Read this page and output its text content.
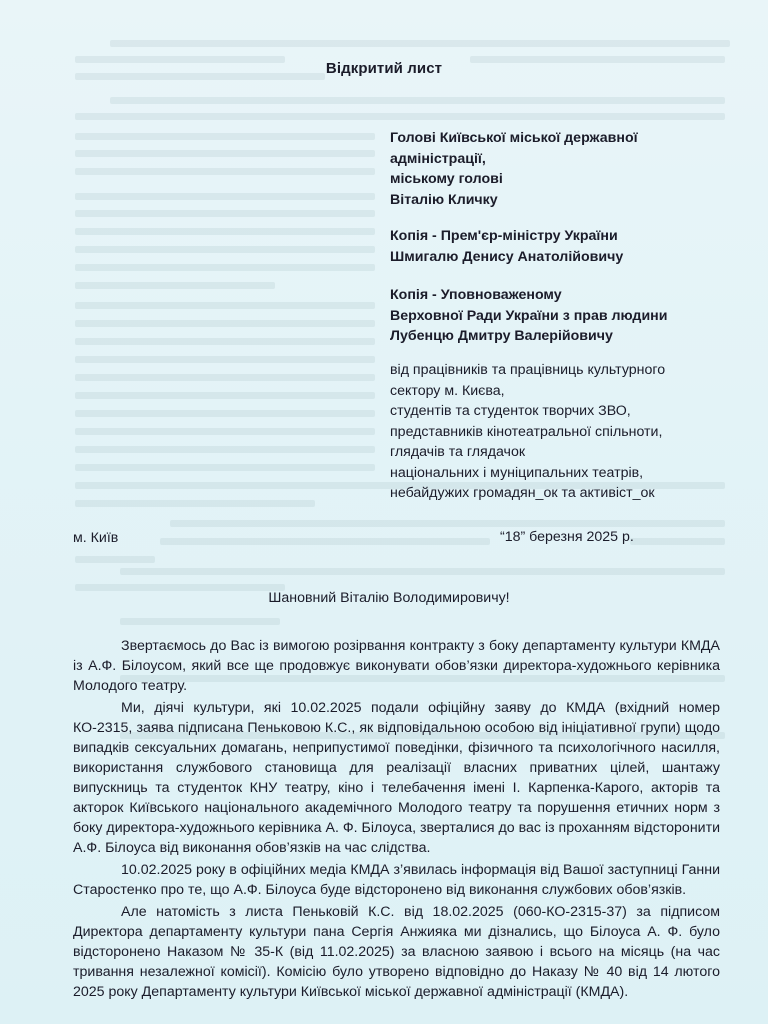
Відкритий лист
Голові Київської міської державної
адміністрації,
міському голові
Віталію Кличку
Копія - Прем'єр-міністру України
Шмигалю Денису Анатолійовичу
Копія - Уповноваженому
Верховної Ради України з прав людини
Лубенцю Дмитру Валерійовичу
від працівників та працівниць культурного
сектору м. Києва,
студентів та студенток творчих ЗВО,
представників кінотеатральної спільноти,
глядачів та глядачок
національних і муніципальних театрів,
небайдужих громадян_ок та активіст_ок
м. Київ	“18” березня 2025 р.
Шановний Віталію Володимировичу!

Звертаємось до Вас із вимогою розірвання контракту з боку департаменту культури КМДА із А.Ф. Білоусом, який все ще продовжує виконувати обов’язки директора-художнього керівника Молодого театру.

Ми, діячі культури, які 10.02.2025 подали офіційну заяву до КМДА (вхідний номер КО-2315, заява підписана Пеньковою К.С., як відповідальною особою від ініціативної групи) щодо випадків сексуальних домагань, неприпустимої поведінки, фізичного та психологічного насилля, використання службового становища для реалізації власних приватних цілей, шантажу випускниць та студенток КНУ театру, кіно і телебачення імені І. Карпенка-Карого, акторів та акторок Київського національного академічного Молодого театру та порушення етичних норм з боку директора-художнього керівника А. Ф. Білоуса, зверталися до вас із проханням відсторонити А.Ф. Білоуса від виконання обов’язків на час слідства.

10.02.2025 року в офіційних медіа КМДА з’явилась інформація від Вашої заступниці Ганни Старостенко про те, що А.Ф. Білоуса буде відсторонено від виконання службових обов’язків.

Але натомість з листа Пеньковій К.С. від 18.02.2025 (060-КО-2315-37) за підписом Директора департаменту культури пана Сергія Анжияка ми дізнались, що Білоуса А. Ф. було відсторонено Наказом № 35-К (від 11.02.2025) за власною заявою і всього на місяць (на час тривання незалежної комісії). Комісію було утворено відповідно до Наказу № 40 від 14 лютого 2025 року Департаменту культури Київської міської державної адміністрації (КМДА).
